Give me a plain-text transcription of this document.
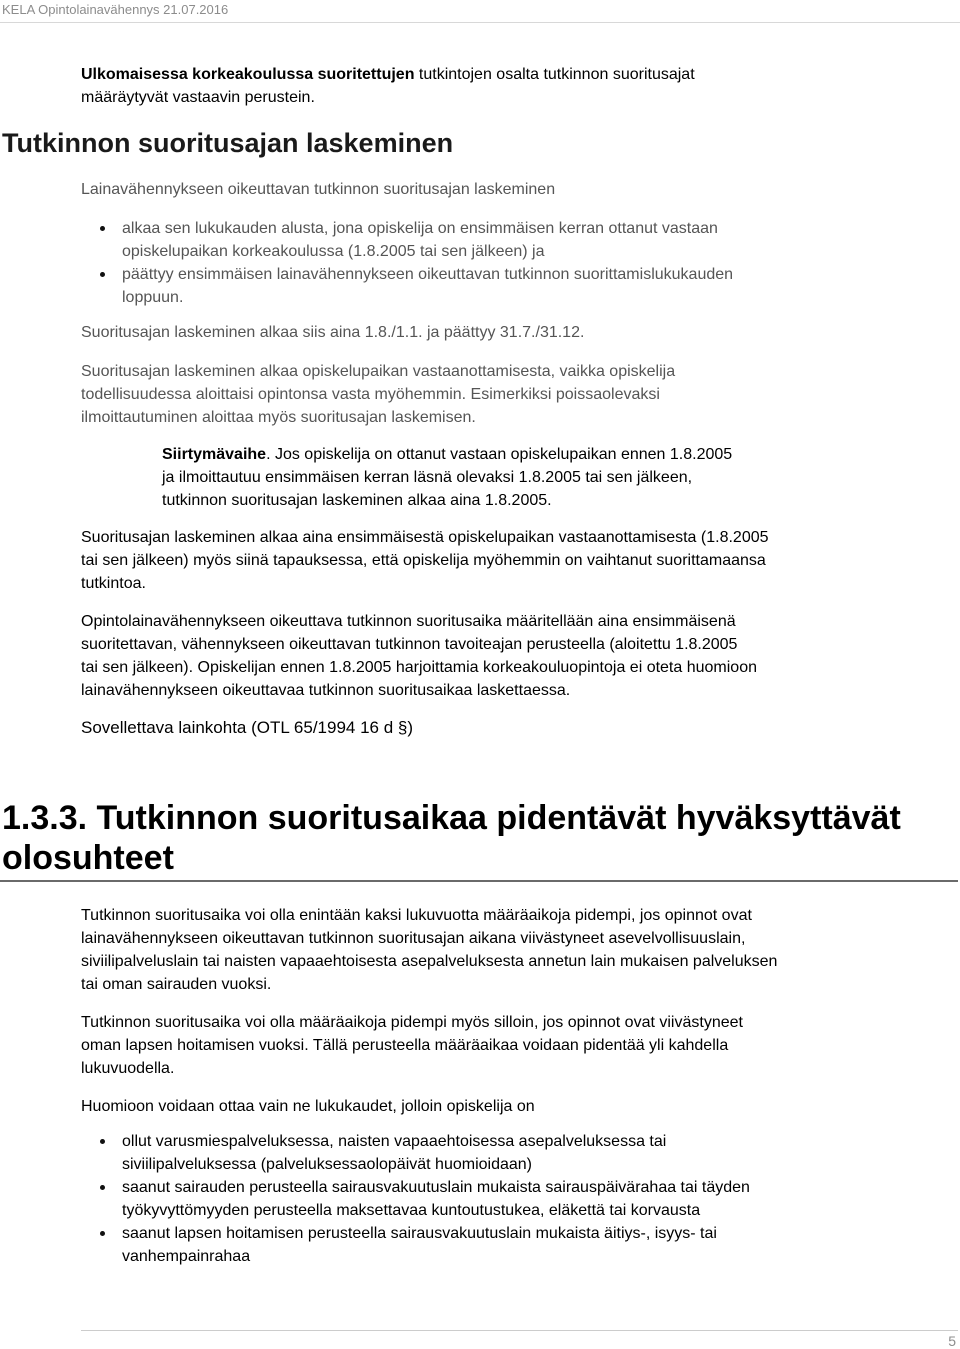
KELA Opintolainavähennys 21.07.2016

Ulkomaisessa korkeakoulussa suoritettujen tutkintojen osalta tutkinnon suoritusajat

määräytyvät vastaavin perustein.

Tutkinnon suoritusajan laskeminen

Lainavähennykseen oikeuttavan tutkinnon suoritusajan laskeminen

alkaa sen lukukauden alusta, jona opiskelija on ensimmäisen kerran ottanut vastaan
opiskelupaikan korkeakoulussa (1.8.2005 tai sen jälkeen) ja
päättyy ensimmäisen lainavähennykseen oikeuttavan tutkinnon suorittamislukukauden
loppuun.

Suoritusajan laskeminen alkaa siis aina 1.8./1.1. ja päättyy 31.7./31.12.

Suoritusajan laskeminen alkaa opiskelupaikan vastaanottamisesta, vaikka opiskelija

todellisuudessa aloittaisi opintonsa vasta myöhemmin. Esimerkiksi poissaolevaksi

ilmoittautuminen aloittaa myös suoritusajan laskemisen.

Siirtymävaihe. Jos opiskelija on ottanut vastaan opiskelupaikan ennen 1.8.2005

ja ilmoittautuu ensimmäisen kerran läsnä olevaksi 1.8.2005 tai sen jälkeen,

tutkinnon suoritusajan laskeminen alkaa aina 1.8.2005.

Suoritusajan laskeminen alkaa aina ensimmäisestä opiskelupaikan vastaanottamisesta (1.8.2005

tai sen jälkeen) myös siinä tapauksessa, että opiskelija myöhemmin on vaihtanut suorittamaansa

tutkintoa.

Opintolainavähennykseen oikeuttava tutkinnon suoritusaika määritellään aina ensimmäisenä

suoritettavan, vähennykseen oikeuttavan tutkinnon tavoiteajan perusteella (aloitettu 1.8.2005

tai sen jälkeen). Opiskelijan ennen 1.8.2005 harjoittamia korkeakouluopintoja ei oteta huomioon

lainavähennykseen oikeuttavaa tutkinnon suoritusaikaa laskettaessa.

Sovellettava lainkohta (OTL 65/1994 16 d §)

1.3.3. Tutkinnon suoritusaikaa pidentävät hyväksyttävät
olosuhteet

Tutkinnon suoritusaika voi olla enintään kaksi lukuvuotta määräaikoja pidempi, jos opinnot ovat

lainavähennykseen oikeuttavan tutkinnon suoritusajan aikana viivästyneet asevelvollisuuslain,

siviilipalveluslain tai naisten vapaaehtoisesta asepalveluksesta annetun lain mukaisen palveluksen

tai oman sairauden vuoksi.

Tutkinnon suoritusaika voi olla määräaikoja pidempi myös silloin, jos opinnot ovat viivästyneet

oman lapsen hoitamisen vuoksi. Tällä perusteella määräaikaa voidaan pidentää yli kahdella

lukuvuodella.

Huomioon voidaan ottaa vain ne lukukaudet, jolloin opiskelija on

ollut varusmiespalveluksessa, naisten vapaaehtoisessa asepalveluksessa tai
siviilipalveluksessa (palveluksessaolopäivät huomioidaan)
saanut sairauden perusteella sairausvakuutuslain mukaista sairauspäivärahaa tai täyden
työkyvyttömyyden perusteella maksettavaa kuntoutustukea, eläkettä tai korvausta
saanut lapsen hoitamisen perusteella sairausvakuutuslain mukaista äitiys-, isyys- tai
vanhempainrahaa
5
